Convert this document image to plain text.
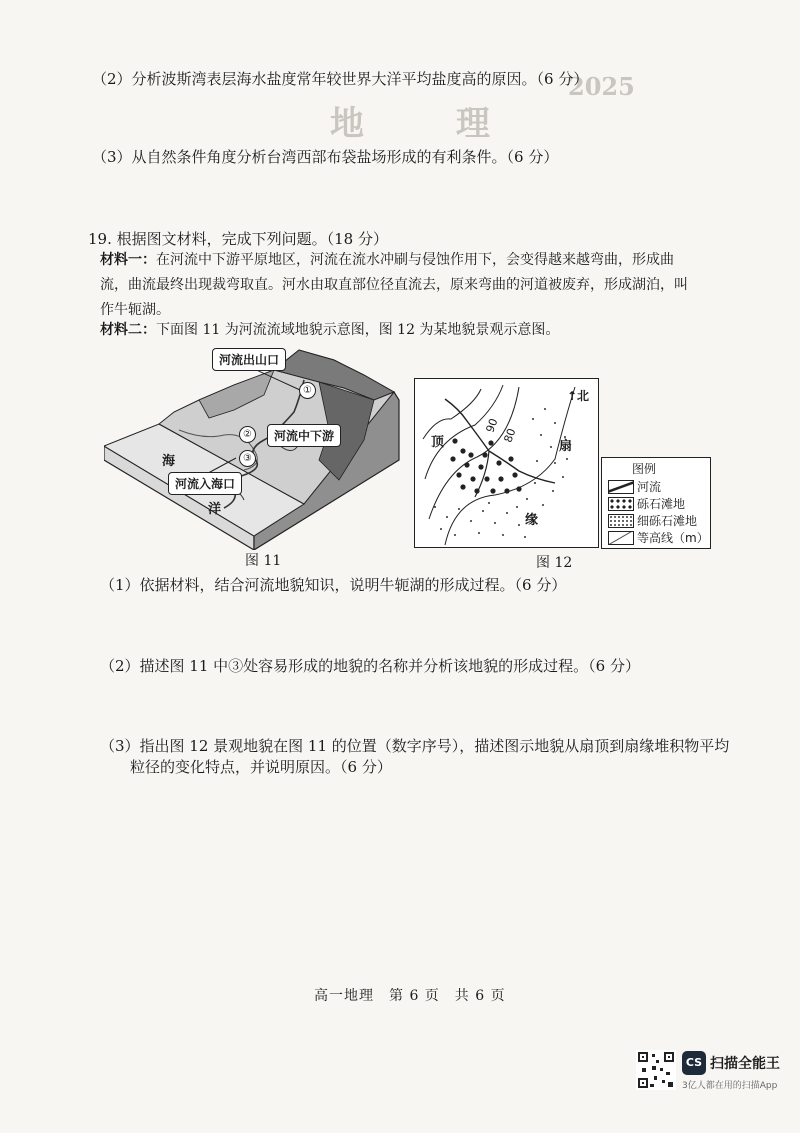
2025
地 理
（2）分析波斯湾表层海水盐度常年较世界大洋平均盐度高的原因。（6 分）
（3）从自然条件角度分析台湾西部布袋盐场形成的有利条件。（6 分）
19. 根据图文材料，完成下列问题。（18 分）
材料一：在河流中下游平原地区，河流在流水冲刷与侵蚀作用下，会变得越来越弯曲，形成曲流，曲流最终出现裁弯取直。河水由取直部位径直流去，原来弯曲的河道被废弃，形成湖泊，叫作牛轭湖。
材料二：下面图 11 为河流流域地貌示意图，图 12 为某地貌景观示意图。
河流出山口
①
②	河流中下游
③
河流入海口
海
洋
图 11
↑北
90
80
扇
顶
缘
图 12
图例
河流
砾石滩地
细砾石滩地
等高线（m）
（1）依据材料，结合河流地貌知识，说明牛轭湖的形成过程。（6 分）
（2）描述图 11 中③处容易形成的地貌的名称并分析该地貌的形成过程。（6 分）
（3）指出图 12 景观地貌在图 11 的位置（数字序号），描述图示地貌从扇顶到扇缘堆积物平均
粒径的变化特点，并说明原因。（6 分）
高一地理　第 6 页　共 6 页
CS 扫描全能王
3亿人都在用的扫描App
